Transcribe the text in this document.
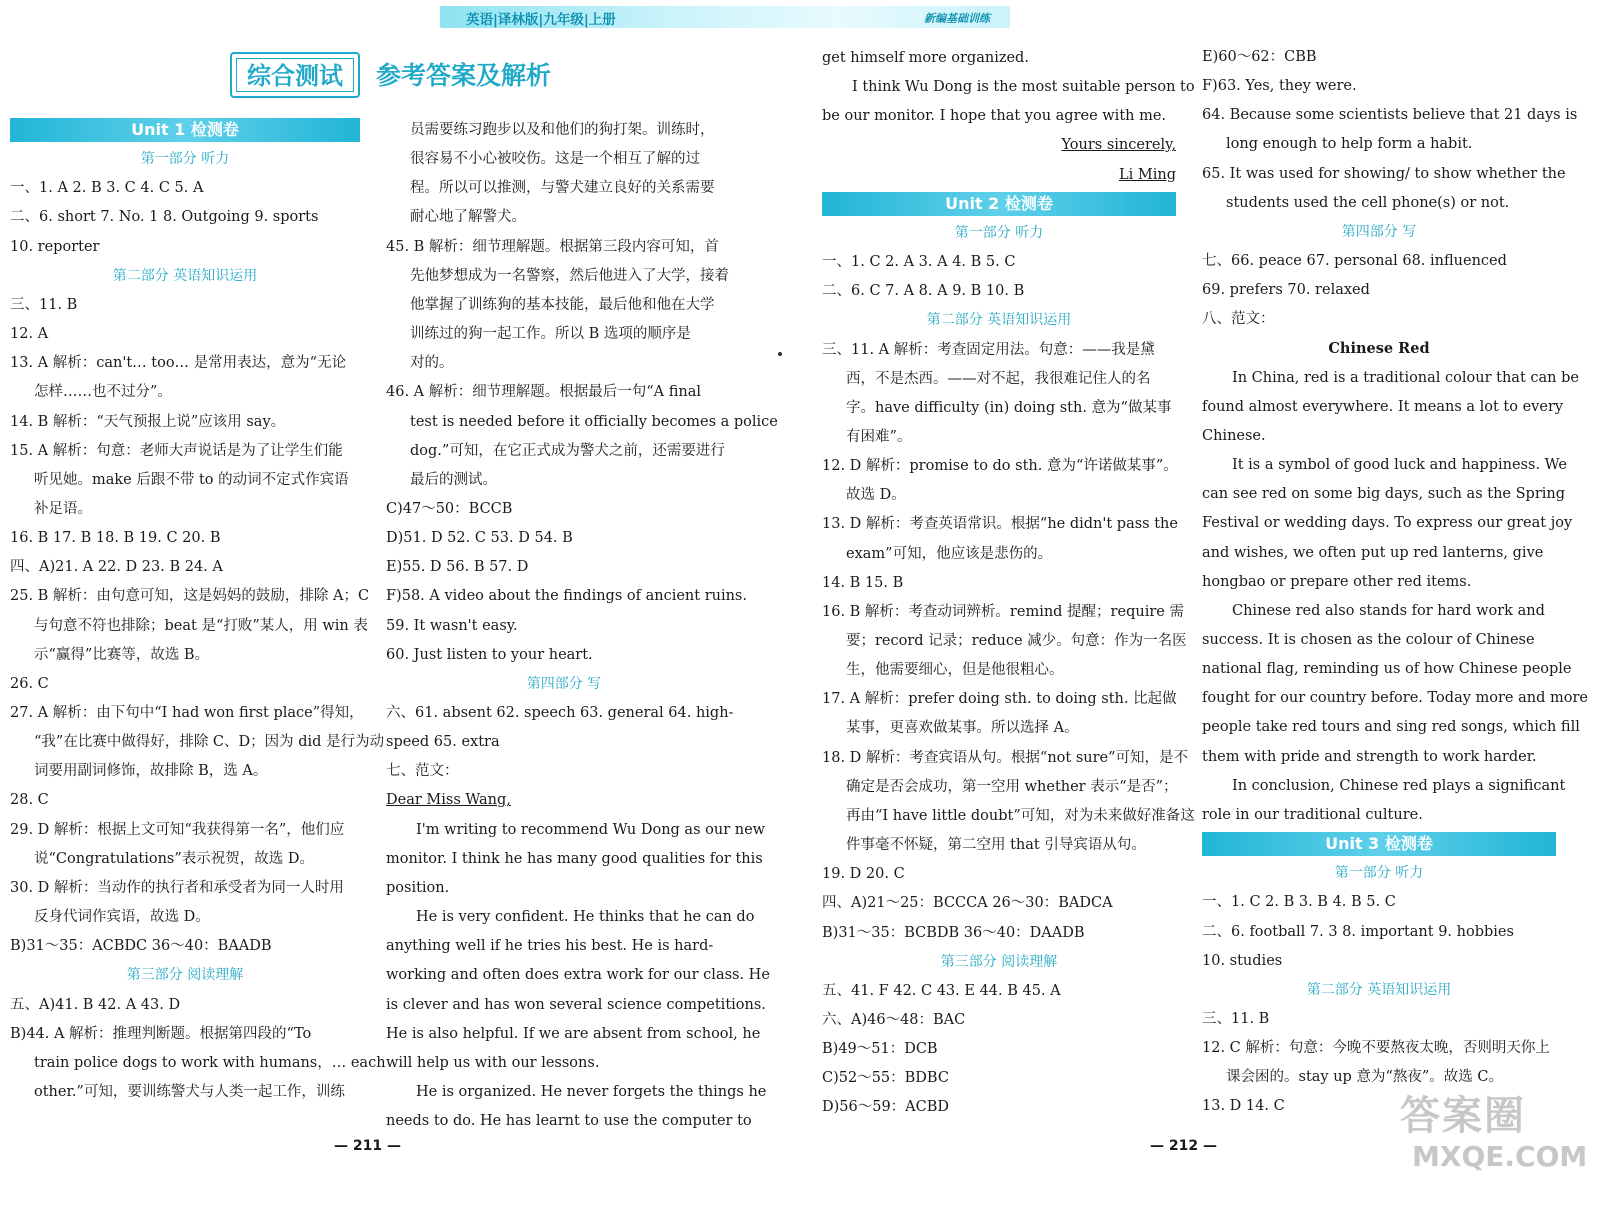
英语|译林版|九年级|上册	新编基础训练
综合测试	参考答案及解析
Unit 1 检测卷
第一部分 听力
一、1. A 2. B 3. C 4. C 5. A
二、6. short 7. No. 1 8. Outgoing 9. sports
10. reporter
第二部分 英语知识运用
三、11. B
12. A
13. A 解析：can't… too… 是常用表达，意为“无论
怎样……也不过分”。
14. B 解析：“天气预报上说”应该用 say。
15. A 解析：句意：老师大声说话是为了让学生们能
听见她。make 后跟不带 to 的动词不定式作宾语
补足语。
16. B 17. B 18. B 19. C 20. B
四、A)21. A 22. D 23. B 24. A
25. B 解析：由句意可知，这是妈妈的鼓励，排除 A；C
与句意不符也排除；beat 是“打败”某人，用 win 表
示“赢得”比赛等，故选 B。
26. C
27. A 解析：由下句中“I had won first place”得知，
“我”在比赛中做得好，排除 C、D；因为 did 是行为动
词要用副词修饰，故排除 B，选 A。
28. C
29. D 解析：根据上文可知“我获得第一名”，他们应
说“Congratulations”表示祝贺，故选 D。
30. D 解析：当动作的执行者和承受者为同一人时用
反身代词作宾语，故选 D。
B)31～35：ACBDC 36～40：BAADB
第三部分 阅读理解
五、A)41. B 42. A 43. D
B)44. A 解析：推理判断题。根据第四段的“To
train police dogs to work with humans，… each
other.”可知，要训练警犬与人类一起工作，训练
员需要练习跑步以及和他们的狗打架。训练时，
很容易不小心被咬伤。这是一个相互了解的过
程。所以可以推测，与警犬建立良好的关系需要
耐心地了解警犬。
45. B 解析：细节理解题。根据第三段内容可知，首
先他梦想成为一名警察，然后他进入了大学，接着
他掌握了训练狗的基本技能，最后他和他在大学
训练过的狗一起工作。所以 B 选项的顺序是
对的。
46. A 解析：细节理解题。根据最后一句“A final
test is needed before it officially becomes a police
dog.”可知，在它正式成为警犬之前，还需要进行
最后的测试。
C)47～50：BCCB
D)51. D 52. C 53. D 54. B
E)55. D 56. B 57. D
F)58. A video about the findings of ancient ruins.
59. It wasn't easy.
60. Just listen to your heart.
第四部分 写
六、61. absent 62. speech 63. general 64. high-
speed 65. extra
七、范文：
Dear Miss Wang,
I'm writing to recommend Wu Dong as our new
monitor. I think he has many good qualities for this
position.
He is very confident. He thinks that he can do
anything well if he tries his best. He is hard-
working and often does extra work for our class. He
is clever and has won several science competitions.
He is also helpful. If we are absent from school, he
will help us with our lessons.
He is organized. He never forgets the things he
needs to do. He has learnt to use the computer to
get himself more organized.
I think Wu Dong is the most suitable person to
be our monitor. I hope that you agree with me.
Yours sincerely,
Li Ming
Unit 2 检测卷
第一部分 听力
一、1. C 2. A 3. A 4. B 5. C
二、6. C 7. A 8. A 9. B 10. B
第二部分 英语知识运用
三、11. A 解析：考查固定用法。句意：——我是黛
西，不是杰西。——对不起，我很难记住人的名
字。have difficulty (in) doing sth. 意为“做某事
有困难”。
12. D 解析：promise to do sth. 意为“许诺做某事”。
故选 D。
13. D 解析：考查英语常识。根据“he didn't pass the
exam”可知，他应该是悲伤的。
14. B 15. B
16. B 解析：考查动词辨析。remind 提醒；require 需
要；record 记录；reduce 减少。句意：作为一名医
生，他需要细心，但是他很粗心。
17. A 解析：prefer doing sth. to doing sth. 比起做
某事，更喜欢做某事。所以选择 A。
18. D 解析：考查宾语从句。根据“not sure”可知，是不
确定是否会成功，第一空用 whether 表示“是否”；
再由“I have little doubt”可知，对为未来做好准备这
件事毫不怀疑，第二空用 that 引导宾语从句。
19. D 20. C
四、A)21～25：BCCCA 26～30：BADCA
B)31～35：BCBDB 36～40：DAADB
第三部分 阅读理解
五、41. F 42. C 43. E 44. B 45. A
六、A)46～48：BAC
B)49～51：DCB
C)52～55：BDBC
D)56～59：ACBD
E)60～62：CBB
F)63. Yes, they were.
64. Because some scientists believe that 21 days is
long enough to help form a habit.
65. It was used for showing/ to show whether the
students used the cell phone(s) or not.
第四部分 写
七、66. peace 67. personal 68. influenced
69. prefers 70. relaxed
八、范文：
Chinese Red
In China, red is a traditional colour that can be
found almost everywhere. It means a lot to every
Chinese.
It is a symbol of good luck and happiness. We
can see red on some big days, such as the Spring
Festival or wedding days. To express our great joy
and wishes, we often put up red lanterns, give
hongbao or prepare other red items.
Chinese red also stands for hard work and
success. It is chosen as the colour of Chinese
national flag, reminding us of how Chinese people
fought for our country before. Today more and more
people take red tours and sing red songs, which fill
them with pride and strength to work harder.
In conclusion, Chinese red plays a significant
role in our traditional culture.
Unit 3 检测卷
第一部分 听力
一、1. C 2. B 3. B 4. B 5. C
二、6. football 7. 3 8. important 9. hobbies
10. studies
第二部分 英语知识运用
三、11. B
12. C 解析：句意：今晚不要熬夜太晚，否则明天你上
课会困的。stay up 意为“熬夜”。故选 C。
13. D 14. C
— 211 —	— 212 —
答案圈
MXQE.COM
